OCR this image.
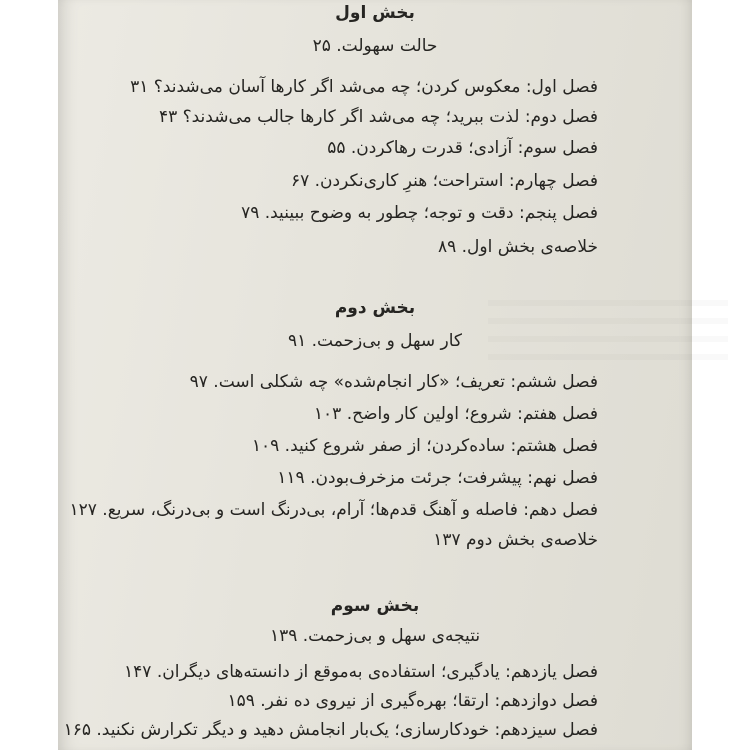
بخش اول

حالت سهولت. ۲۵

فصل اول: معکوس کردن؛ چه می‌شد اگر کارها آسان می‌شدند؟ ۳۱

فصل دوم: لذت ببرید؛ چه می‌شد اگر کارها جالب می‌شدند؟ ۴۳

فصل سوم: آزادی؛ قدرت رهاکردن. ۵۵

فصل چهارم: استراحت؛ هنرِ کاری‌نکردن. ۶۷

فصل پنجم: دقت و توجه؛ چطور به وضوح ببینید. ۷۹

خلاصه‌ی بخش اول. ۸۹

بخش دوم

کار سهل و بی‌زحمت. ۹۱

فصل ششم: تعریف؛ «کار انجام‌شده» چه شکلی است. ۹۷

فصل هفتم: شروع؛ اولین کار واضح. ۱۰۳

فصل هشتم: ساده‌کردن؛ از صفر شروع کنید. ۱۰۹

فصل نهم: پیشرفت؛ جرئت مزخرف‌بودن. ۱۱۹

فصل دهم: فاصله و آهنگ قدم‌ها؛ آرام، بی‌درنگ است و بی‌درنگ، سریع. ۱۲۷

خلاصه‌ی بخش دوم ۱۳۷

بخش سوم

نتیجه‌ی سهل و بی‌زحمت. ۱۳۹

فصل یازدهم: یادگیری؛ استفاده‌ی به‌موقع از دانسته‌های دیگران. ۱۴۷

فصل دوازدهم: ارتقا؛ بهره‌گیری از نیروی ده نفر. ۱۵۹

فصل سیزدهم: خودکارسازی؛ یک‌بار انجامش دهید و دیگر تکرارش نکنید. ۱۶۵
